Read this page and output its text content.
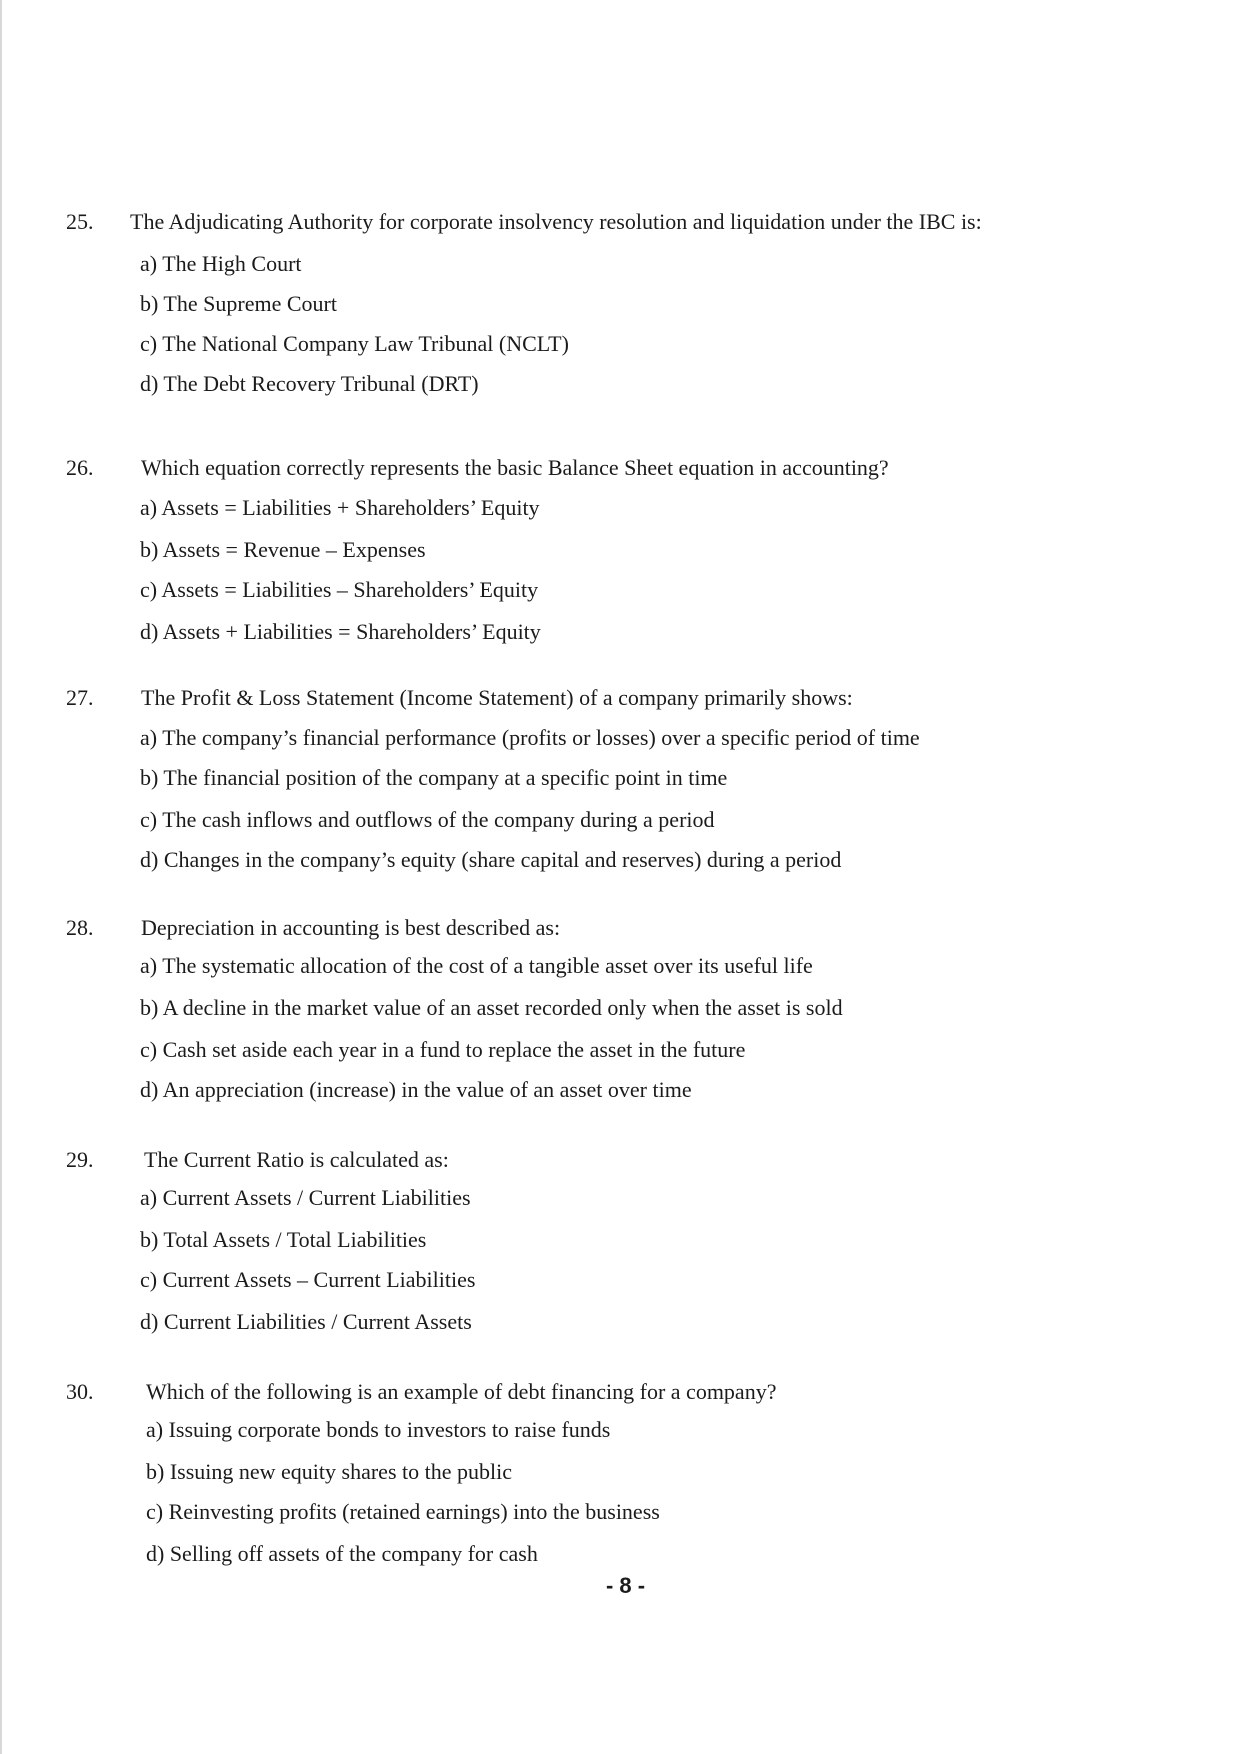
25. The Adjudicating Authority for corporate insolvency resolution and liquidation under the IBC is:
a) The High Court
b) The Supreme Court
c) The National Company Law Tribunal (NCLT)
d) The Debt Recovery Tribunal (DRT)
26. Which equation correctly represents the basic Balance Sheet equation in accounting?
a) Assets = Liabilities + Shareholders’ Equity
b) Assets = Revenue – Expenses
c) Assets = Liabilities – Shareholders’ Equity
d) Assets + Liabilities = Shareholders’ Equity
27. The Profit & Loss Statement (Income Statement) of a company primarily shows:
a) The company’s financial performance (profits or losses) over a specific period of time
b) The financial position of the company at a specific point in time
c) The cash inflows and outflows of the company during a period
d) Changes in the company’s equity (share capital and reserves) during a period
28. Depreciation in accounting is best described as:
a) The systematic allocation of the cost of a tangible asset over its useful life
b) A decline in the market value of an asset recorded only when the asset is sold
c) Cash set aside each year in a fund to replace the asset in the future
d) An appreciation (increase) in the value of an asset over time
29. The Current Ratio is calculated as:
a) Current Assets / Current Liabilities
b) Total Assets / Total Liabilities
c) Current Assets – Current Liabilities
d) Current Liabilities / Current Assets
30. Which of the following is an example of debt financing for a company?
a) Issuing corporate bonds to investors to raise funds
b) Issuing new equity shares to the public
c) Reinvesting profits (retained earnings) into the business
d) Selling off assets of the company for cash
- 8 -
